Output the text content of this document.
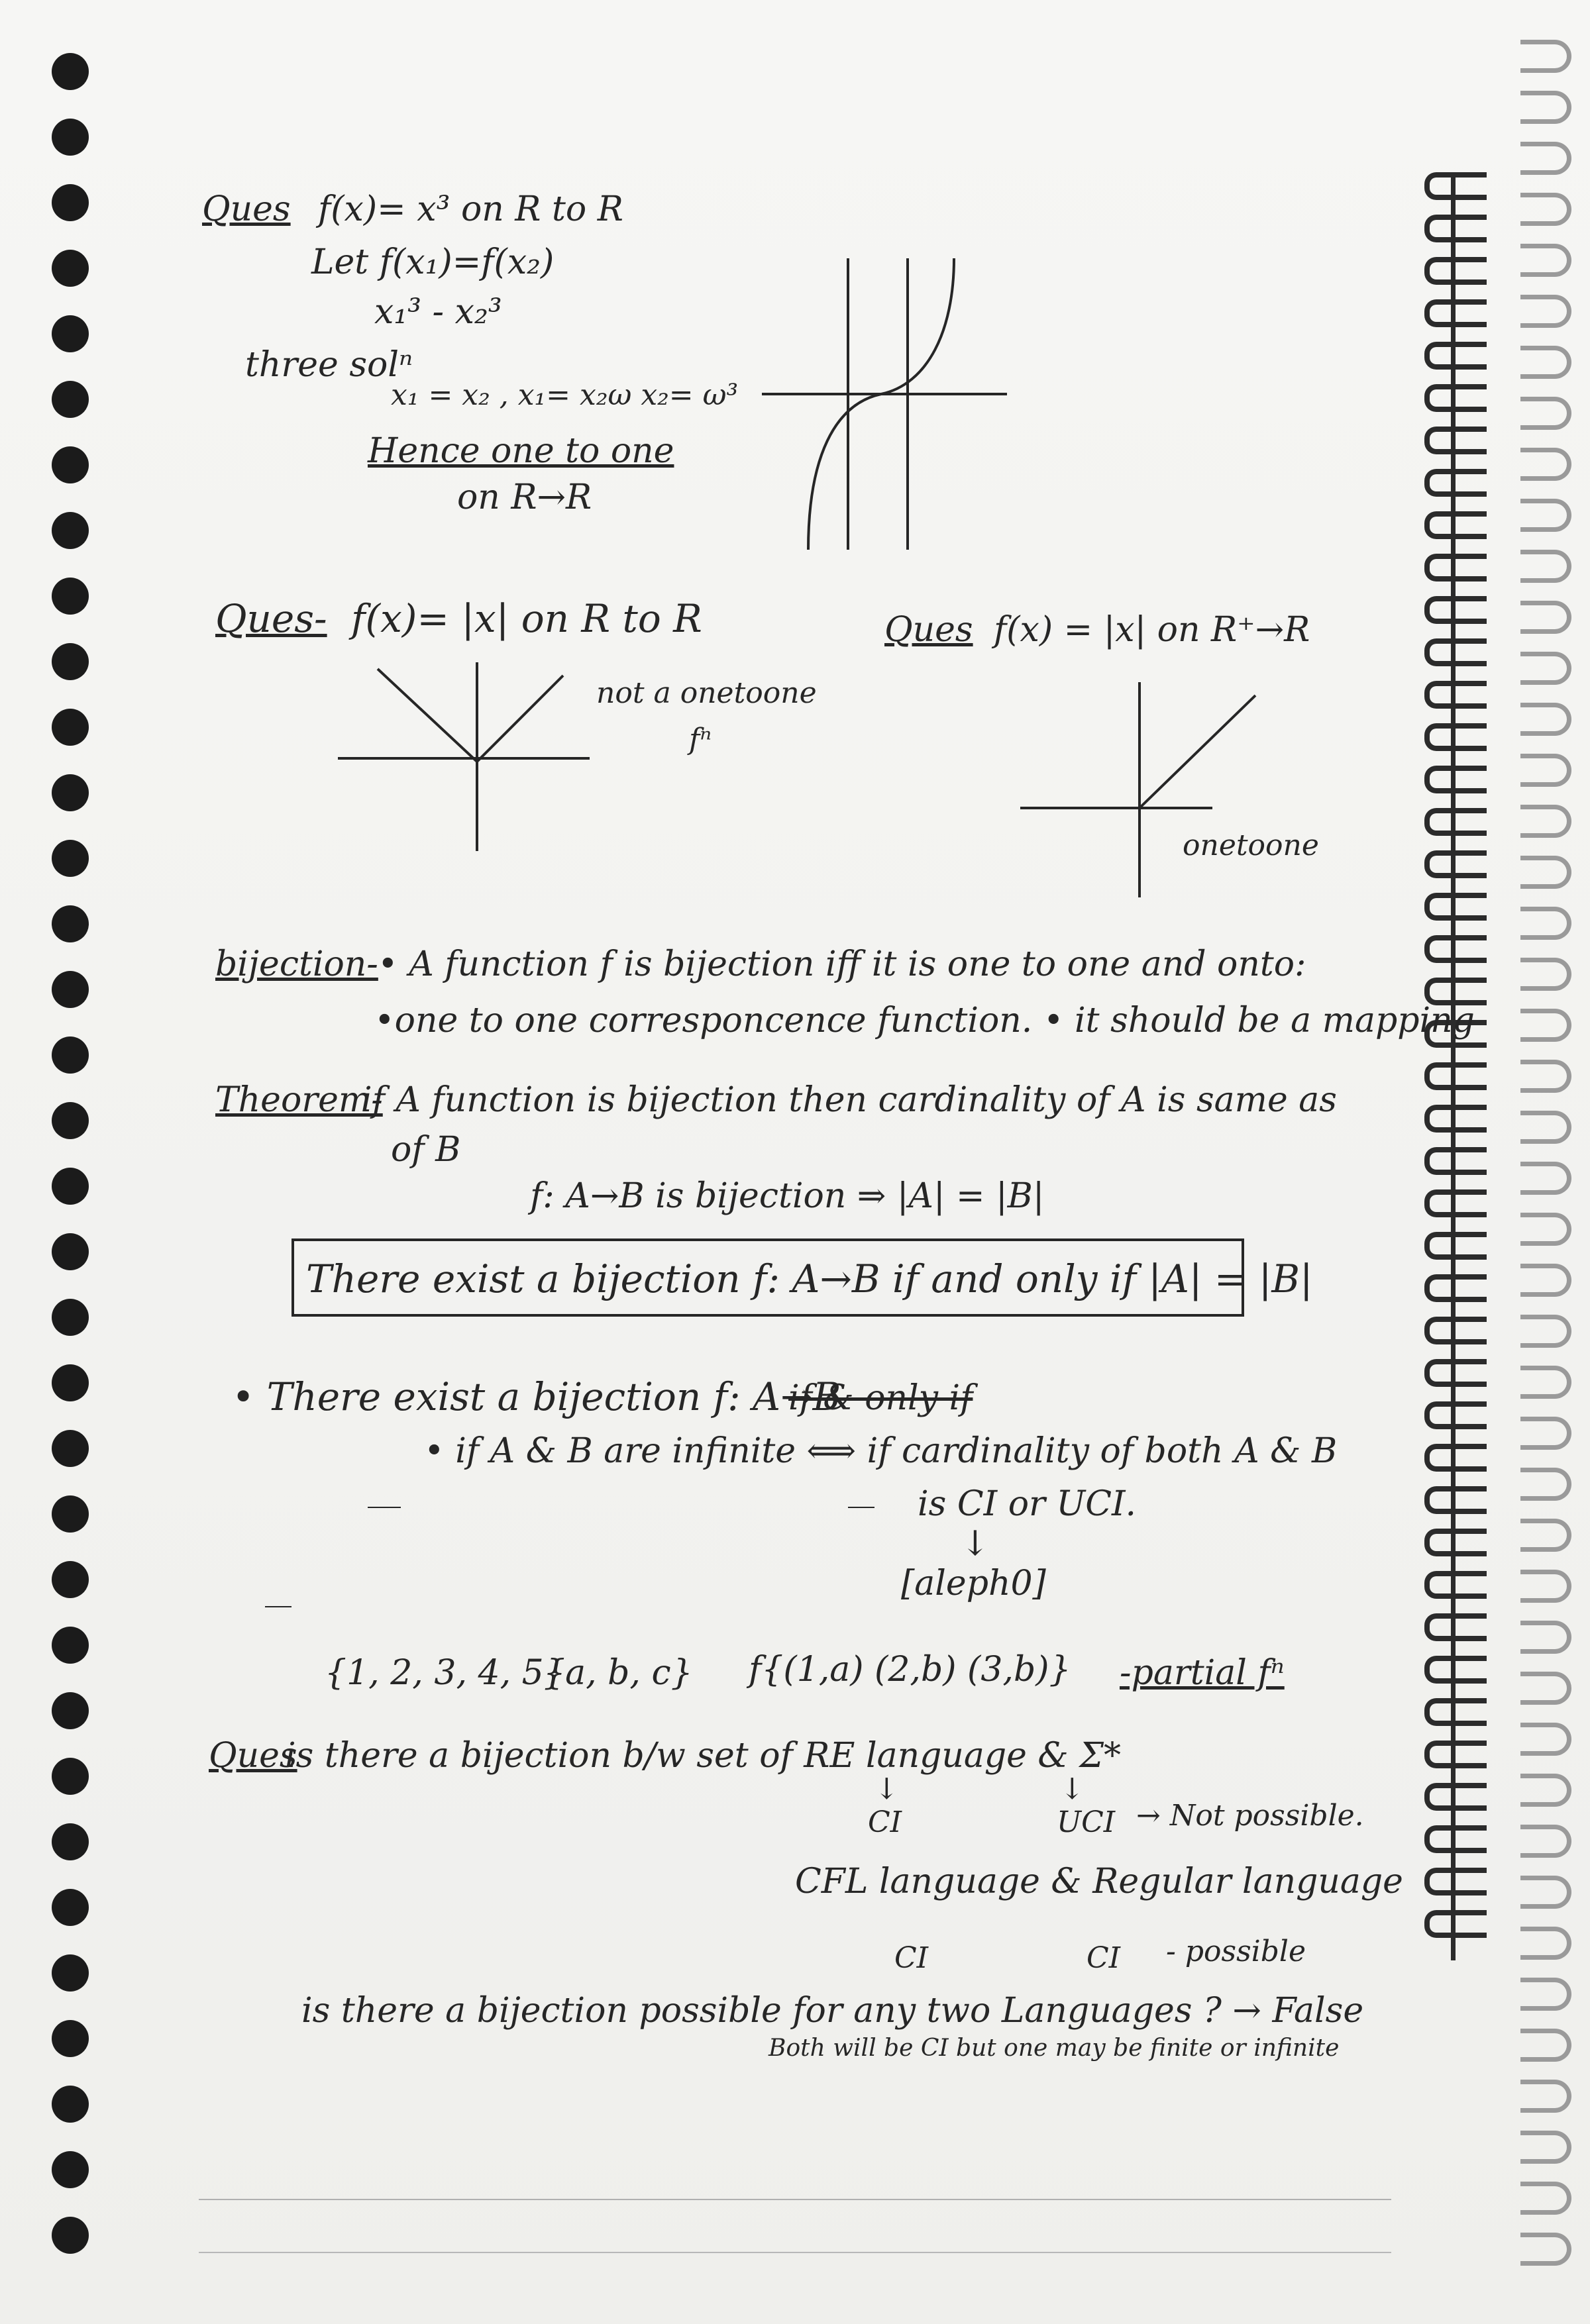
Ques f(x)= x³ on R to R
Let f(x₁)=f(x₂)
x₁³ - x₂³
three solⁿ
x₁ = x₂ , x₁= x₂ω x₂= ω³
Hence one to one
on R→R
Ques- f(x)= |x| on R to R
not a onetoone
fⁿ
Ques f(x) = |x| on R⁺→R
onetoone
bijection- • A function f is bijection iff it is one to one and onto:
•one to one corresponcence function. • it should be a mapping
Theorem-
if A function is bijection then cardinality of A is same as
of B
f: A→B is bijection ⇒ |A| = |B|
There exist a bijection f: A→B if and only if |A| = |B|
• There exist a bijection f: A→B
if & only if
• if A & B are infinite ⟺ if cardinality of both A & B
is CI or UCI.
↓
[aleph0]
{1, 2, 3, 4, 5}
{a, b, c} f{(1,a) (2,b) (3,b)} -partial fⁿ
Ques
is there a bijection b/w set of RE language & Σ*
↓	↓
CI	UCI → Not possible.
CFL language & Regular language
CI	CI - possible
is there a bijection possible for any two Languages ? → False
Both will be CI but one may be finite or infinite
